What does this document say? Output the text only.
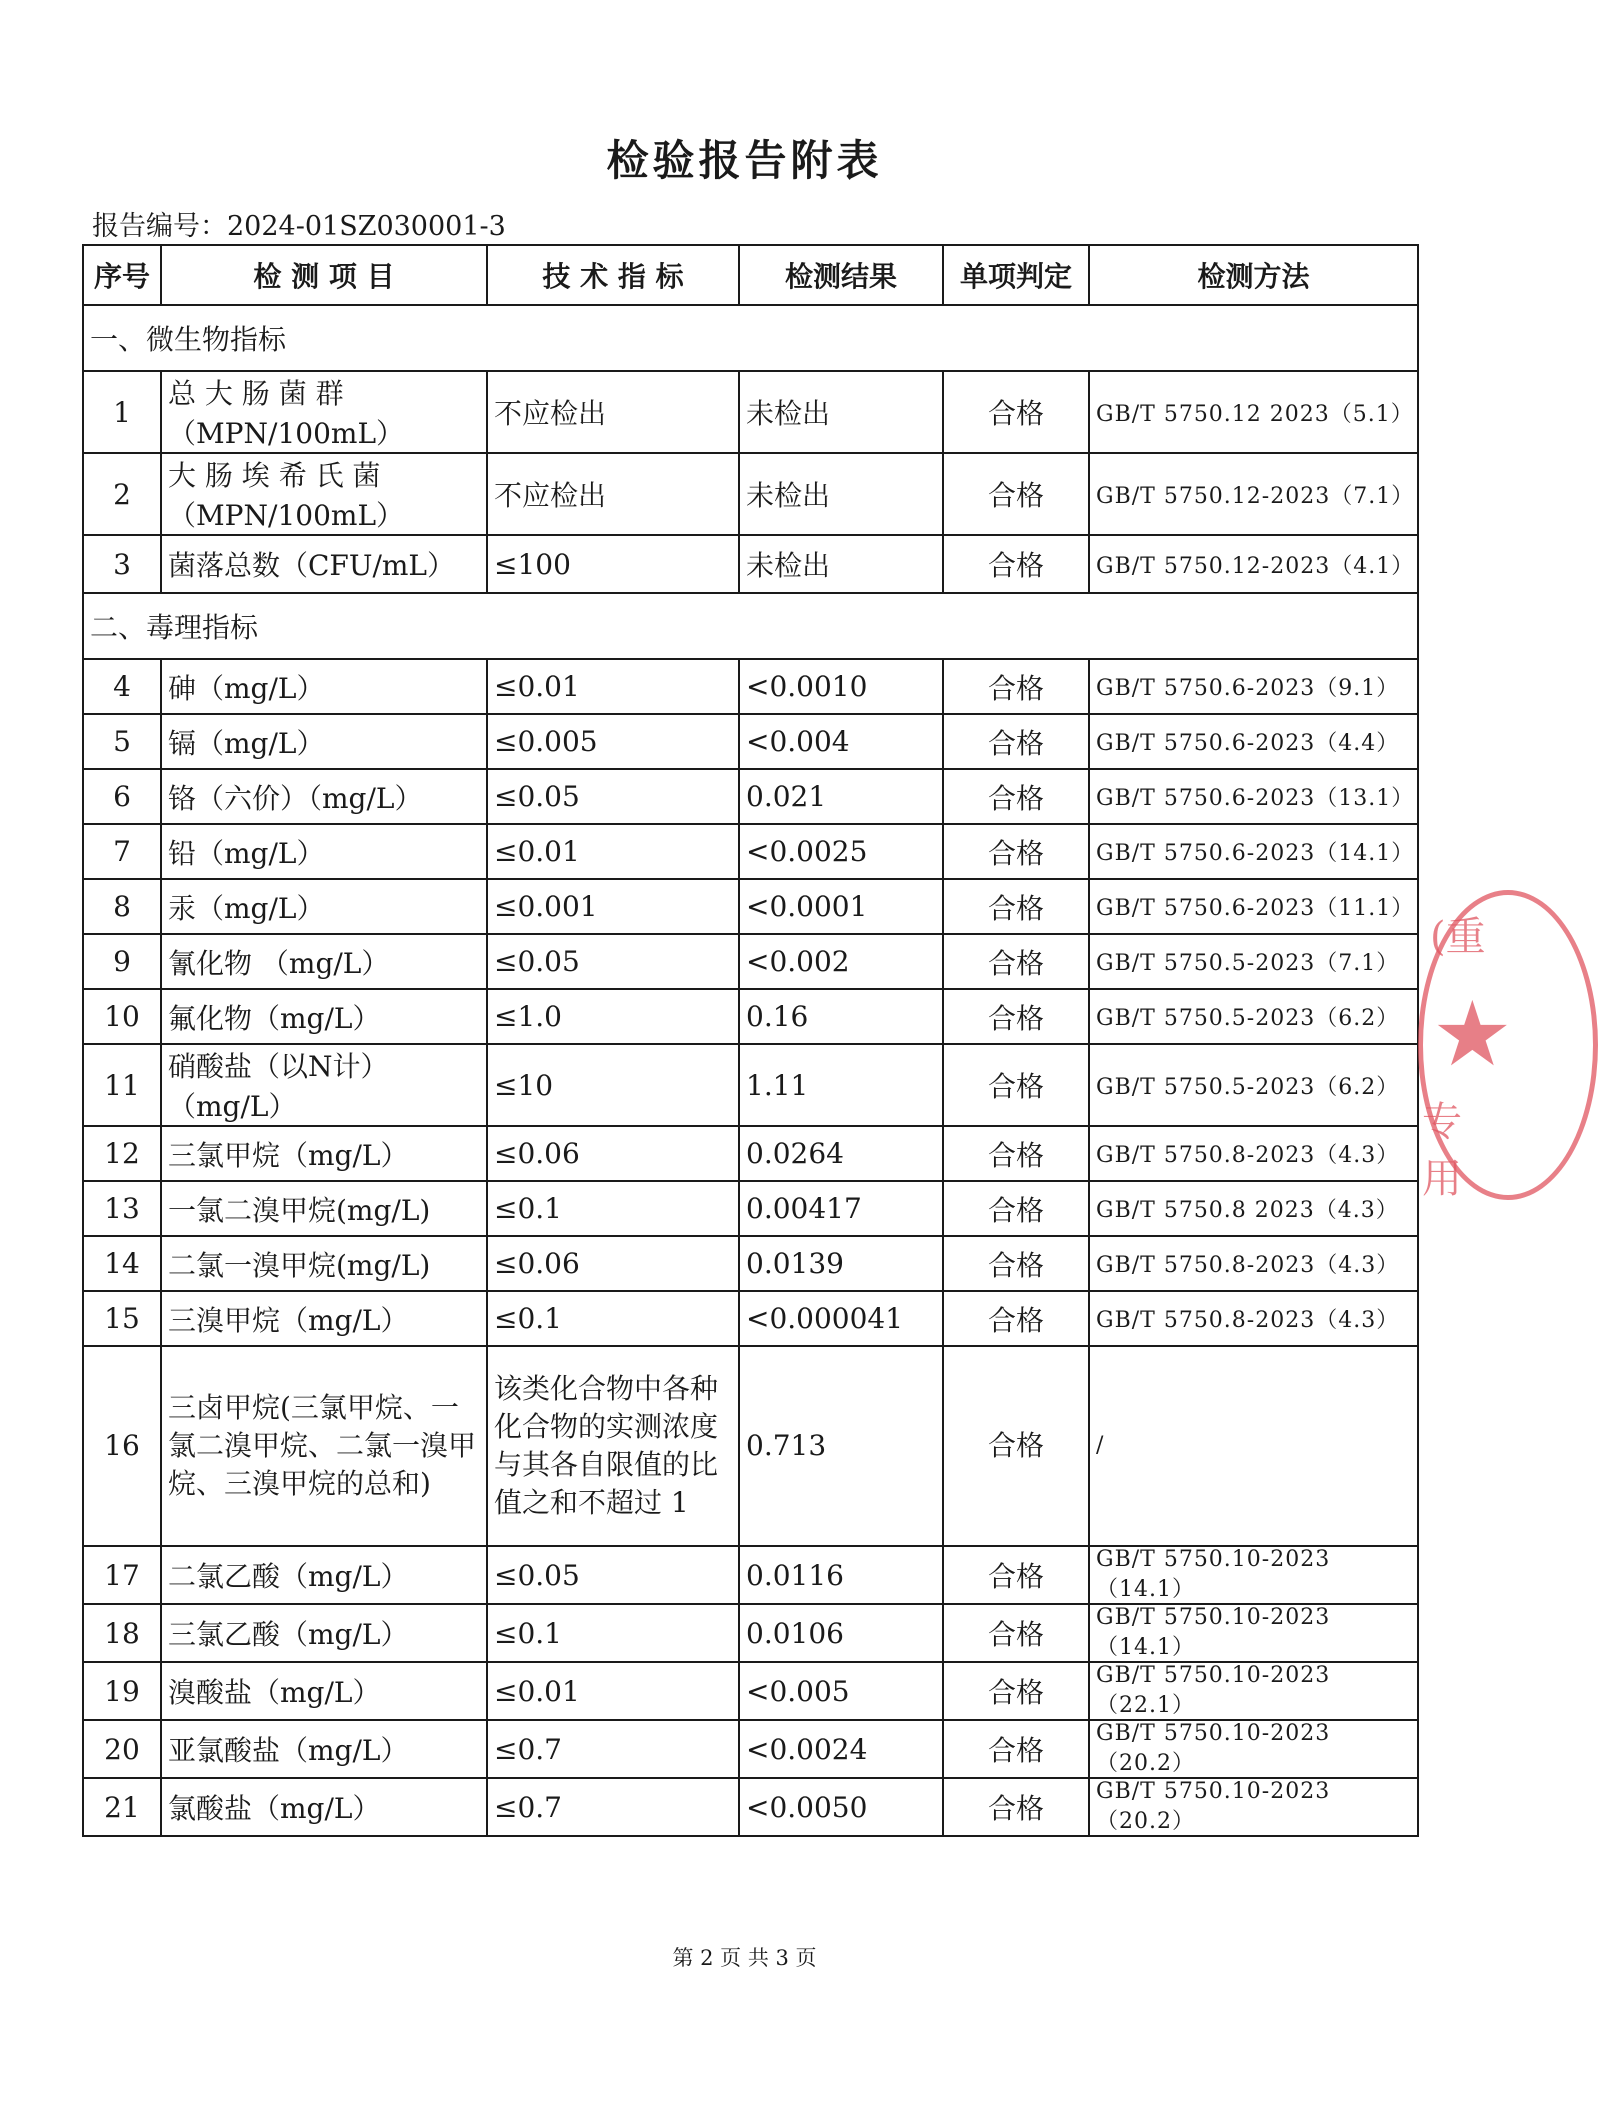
检验报告附表
报告编号：2024-01SZ030001-3
序号	检 测 项 目	技 术 指 标	检测结果	单项判定	检测方法
一、微生物指标					
1	总 大 肠 菌 群（MPN/100mL）	不应检出	未检出	合格	GB/T 5750.12 2023（5.1）
2	大 肠 埃 希 氏 菌（MPN/100mL）	不应检出	未检出	合格	GB/T 5750.12-2023（7.1）
3	菌落总数（CFU/mL）	≤100	未检出	合格	GB/T 5750.12-2023（4.1）
二、毒理指标					
4	砷（mg/L）	≤0.01	<0.0010	合格	GB/T 5750.6-2023（9.1）
5	镉（mg/L）	≤0.005	<0.004	合格	GB/T 5750.6-2023（4.4）
6	铬（六价）（mg/L）	≤0.05	0.021	合格	GB/T 5750.6-2023（13.1）
7	铅（mg/L）	≤0.01	<0.0025	合格	GB/T 5750.6-2023（14.1）
8	汞（mg/L）	≤0.001	<0.0001	合格	GB/T 5750.6-2023（11.1）
9	氰化物 （mg/L）	≤0.05	<0.002	合格	GB/T 5750.5-2023（7.1）
10	氟化物（mg/L）	≤1.0	0.16	合格	GB/T 5750.5-2023（6.2）
11	硝酸盐（以N计）（mg/L）	≤10	1.11	合格	GB/T 5750.5-2023（6.2）
12	三氯甲烷（mg/L）	≤0.06	0.0264	合格	GB/T 5750.8-2023（4.3）
13	一氯二溴甲烷(mg/L)	≤0.1	0.00417	合格	GB/T 5750.8 2023（4.3）
14	二氯一溴甲烷(mg/L)	≤0.06	0.0139	合格	GB/T 5750.8-2023（4.3）
15	三溴甲烷（mg/L）	≤0.1	<0.000041	合格	GB/T 5750.8-2023（4.3）
16	三卤甲烷(三氯甲烷、一氯二溴甲烷、二氯一溴甲烷、三溴甲烷的总和)	该类化合物中各种化合物的实测浓度与其各自限值的比值之和不超过 1	0.713	合格	/
17	二氯乙酸（mg/L）	≤0.05	0.0116	合格	GB/T 5750.10-2023（14.1）
18	三氯乙酸（mg/L）	≤0.1	0.0106	合格	GB/T 5750.10-2023（14.1）
19	溴酸盐（mg/L）	≤0.01	<0.005	合格	GB/T 5750.10-2023（22.1）
20	亚氯酸盐（mg/L）	≤0.7	<0.0024	合格	GB/T 5750.10-2023（20.2）
21	氯酸盐（mg/L）	≤0.7	<0.0050	合格	GB/T 5750.10-2023（20.2）
(重
★
专用
第 2 页 共 3 页
